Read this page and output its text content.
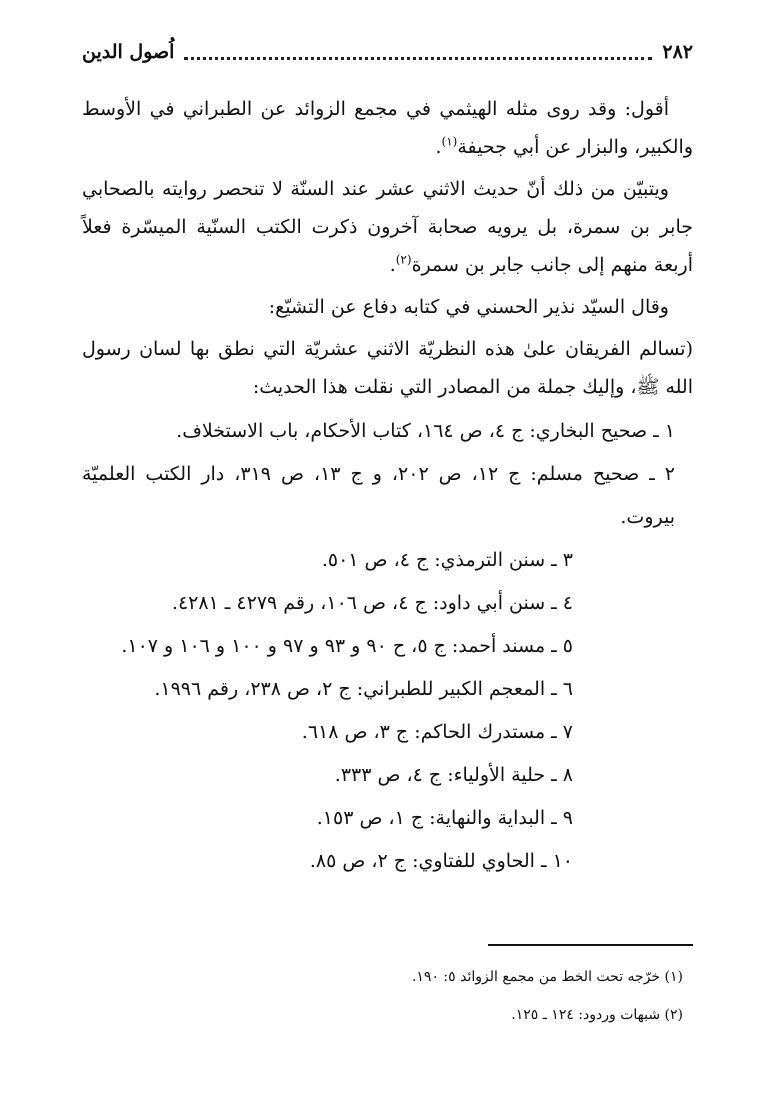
٢٨٢
اُصول الدين

أقول: وقد روى مثله الهيثمي في مجمع الزوائد عن الطبراني في الأوسط والكبير، والبزار عن أبي جحيفة$^{(١)}$.

ويتبيّن من ذلك أنّ حديث الاثني عشر عند السنّة لا تنحصر روايته بالصحابي جابر بن سمرة، بل يرويه صحابة آخرون ذكرت الكتب السنّية الميسّرة فعلاً أربعة منهم إلى جانب جابر بن سمرة$^{(٢)}$.

وقال السيّد نذير الحسني في كتابه دفاع عن التشيّع:

(تسالم الفريقان علىٰ هذه النظريّة الاثني عشريّة التي نطق بها لسان رسول الله ﷺ، وإليك جملة من المصادر التي نقلت هذا الحديث:

١ ـ صحيح البخاري: ج ٤، ص ١٦٤، كتاب الأحكام، باب الاستخلاف.

٢ ـ صحيح مسلم: ج ١٢، ص ٢٠٢، و ج ١٣، ص ٣١٩، دار الكتب العلميّة بيروت.

٣ ـ سنن الترمذي: ج ٤، ص ٥٠١.

٤ ـ سنن أبي داود: ج ٤، ص ١٠٦، رقم ٤٢٧٩ ـ ٤٢٨١.

٥ ـ مسند أحمد: ج ٥، ح ٩٠ و ٩٣ و ٩٧ و ١٠٠ و ١٠٦ و ١٠٧.

٦ ـ المعجم الكبير للطبراني: ج ٢، ص ٢٣٨، رقم ١٩٩٦.

٧ ـ مستدرك الحاكم: ج ٣، ص ٦١٨.

٨ ـ حلية الأولياء: ج ٤، ص ٣٣٣.

٩ ـ البداية والنهاية: ج ١، ص ١٥٣.

١٠ ـ الحاوي للفتاوي: ج ٢، ص ٨٥.

(١) خرّجه تحت الخط من مجمع الزوائد ٥: ١٩٠.

(٢) شبهات وردود: ١٢٤ ـ ١٢٥.
